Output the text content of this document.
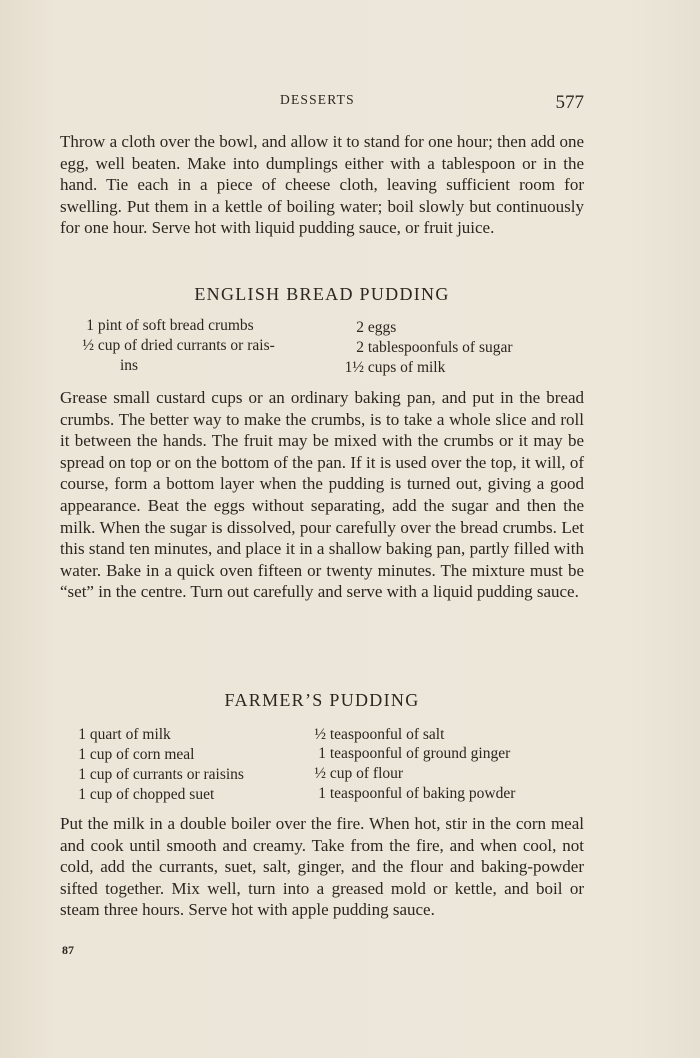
DESSERTS	577

Throw a cloth over the bowl, and allow it to stand for one hour; then add one egg, well beaten. Make into dumplings either with a tablespoon or in the hand. Tie each in a piece of cheese cloth, leaving sufficient room for swelling. Put them in a kettle of boiling water; boil slowly but continuously for one hour. Serve hot with liquid pudding sauce, or fruit juice.

ENGLISH BREAD PUDDING
1 pint of soft bread crumbs
½ cup of dried currants or rais-
ins
2 eggs
2 tablespoonfuls of sugar
1½ cups of milk

Grease small custard cups or an ordinary baking pan, and put in the bread crumbs. The better way to make the crumbs, is to take a whole slice and roll it between the hands. The fruit may be mixed with the crumbs or it may be spread on top or on the bottom of the pan. If it is used over the top, it will, of course, form a bottom layer when the pudding is turned out, giving a good appearance. Beat the eggs without separating, add the sugar and then the milk. When the sugar is dissolved, pour carefully over the bread crumbs. Let this stand ten minutes, and place it in a shallow baking pan, partly filled with water. Bake in a quick oven fifteen or twenty minutes. The mixture must be “set” in the centre. Turn out carefully and serve with a liquid pudding sauce.

FARMER’S PUDDING
1 quart of milk
1 cup of corn meal
1 cup of currants or raisins
1 cup of chopped suet
½ teaspoonful of salt
1 teaspoonful of ground ginger
½ cup of flour
1 teaspoonful of baking powder

Put the milk in a double boiler over the fire. When hot, stir in the corn meal and cook until smooth and creamy. Take from the fire, and when cool, not cold, add the currants, suet, salt, ginger, and the flour and baking-powder sifted together. Mix well, turn into a greased mold or kettle, and boil or steam three hours. Serve hot with apple pudding sauce.

87
